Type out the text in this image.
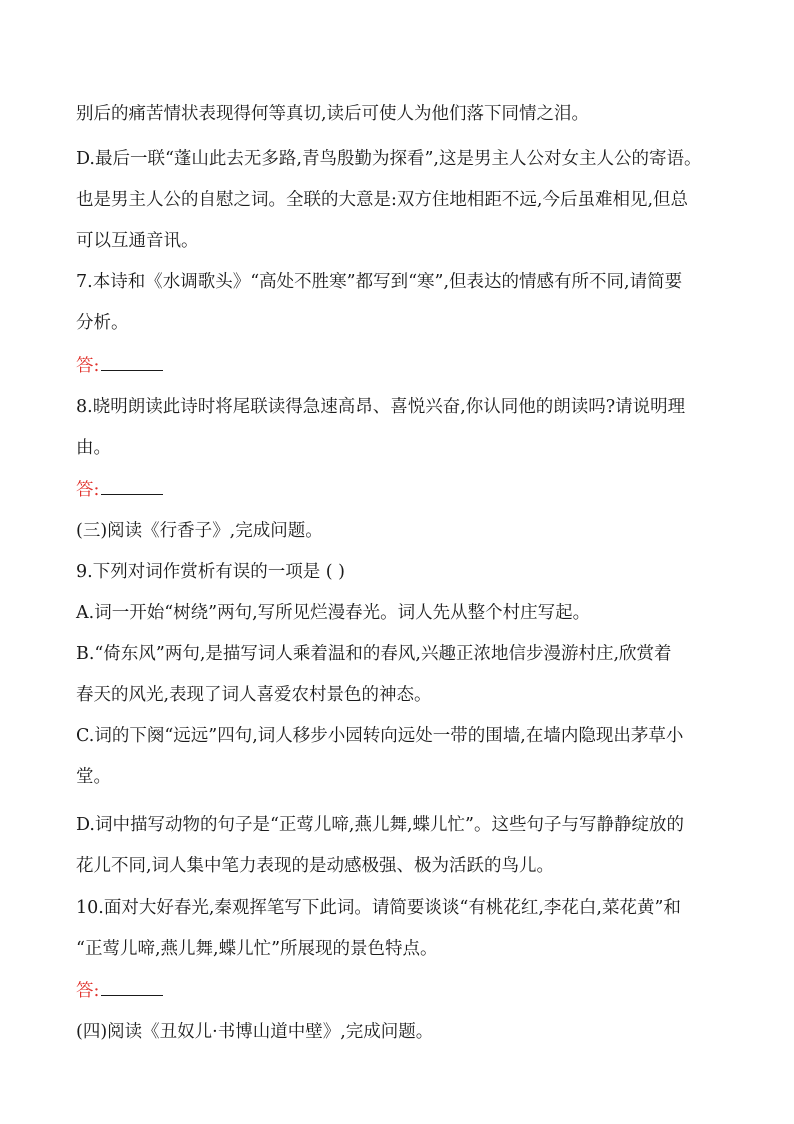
别后的痛苦情状表现得何等真切,读后可使人为他们落下同情之泪。
D.最后一联“蓬山此去无多路,青鸟殷勤为探看”,这是男主人公对女主人公的寄语。
也是男主人公的自慰之词。全联的大意是:双方住地相距不远,今后虽难相见,但总
可以互通音讯。
7.本诗和《水调歌头》“高处不胜寒”都写到“寒”,但表达的情感有所不同,请简要
分析。
答:
8.晓明朗读此诗时将尾联读得急速高昂、喜悦兴奋,你认同他的朗读吗?请说明理
由。
答:
(三)阅读《行香子》,完成问题。
9.下列对词作赏析有误的一项是 ( )
A.词一开始“树绕”两句,写所见烂漫春光。词人先从整个村庄写起。
B.“倚东风”两句,是描写词人乘着温和的春风,兴趣正浓地信步漫游村庄,欣赏着
春天的风光,表现了词人喜爱农村景色的神态。
C.词的下阕“远远”四句,词人移步小园转向远处一带的围墙,在墙内隐现出茅草小
堂。
D.词中描写动物的句子是“正莺儿啼,燕儿舞,蝶儿忙”。这些句子与写静静绽放的
花儿不同,词人集中笔力表现的是动感极强、极为活跃的鸟儿。
10.面对大好春光,秦观挥笔写下此词。请简要谈谈“有桃花红,李花白,菜花黄”和
“正莺儿啼,燕儿舞,蝶儿忙”所展现的景色特点。
答:
(四)阅读《丑奴儿·书博山道中壁》,完成问题。
